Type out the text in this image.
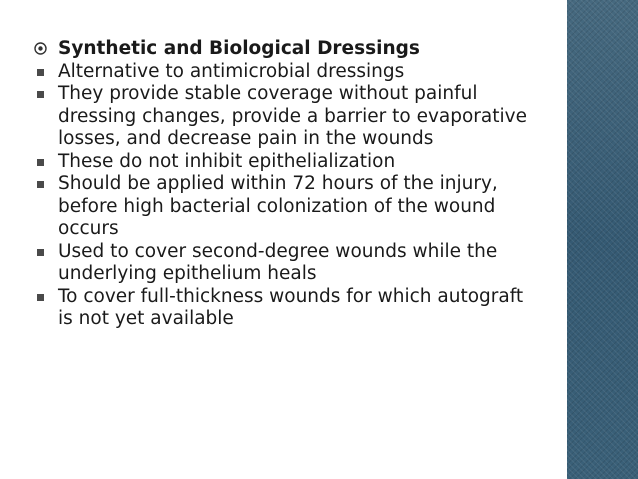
Synthetic and Biological Dressings

Alternative to antimicrobial dressings

They provide stable coverage without painful dressing changes, provide a barrier to evaporative losses, and decrease pain in the wounds

These do not inhibit epithelialization

Should be applied within 72 hours of the injury, before high bacterial colonization of the wound occurs

Used to cover second-degree wounds while the underlying epithelium heals

To cover full-thickness wounds for which autograft is not yet available
